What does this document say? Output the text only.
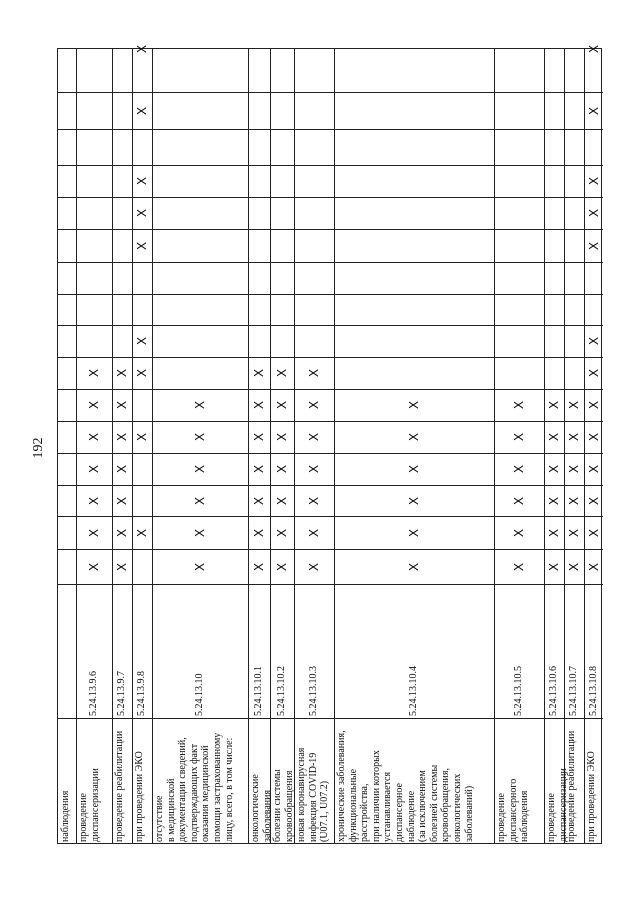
192
наблюдения проведение
диспансеризации
5.24.13.9.6
X
X
X
X
X
X
X
проведение реабилитации
5.24.13.9.7
X
X
X
X
X
X
X
при проведении ЭКО
5.24.13.9.8
X
X
X
X
X
X
X
X
X
отсутствие
в медицинской
документации сведений,
подтверждающих факт
оказания медицинской
помощи застрахованному
лицу, всего, в том числе:
5.24.13.10
X
X
X
X
X
X
онкологические
заболевания
5.24.13.10.1
X
X
X
X
X
X
X
болезни системы
кровообращения
5.24.13.10.2
X
X
X
X
X
X
X
новая коронавирусная
инфекция COVID-19
(U07.1, U07.2)
5.24.13.10.3
X
X
X
X
X
X
X
хронические заболевания,
функциональные
расстройства,
при наличии которых
устанавливается
диспансерное
наблюдение
(за исключением
болезней системы
кровообращения,
онкологических
заболеваний)
5.24.13.10.4
X
X
X
X
X
X
проведение
диспансерного
наблюдения
5.24.13.10.5
X
X
X
X
X
X
проведение
диспансеризации
5.24.13.10.6
X
X
X
X
X
X
проведение реабилитации
5.24.13.10.7
X
X
X
X
X
X
при проведении ЭКО
5.24.13.10.8
X
X
X
X
X
X
X
X
X
X
X
X
X
